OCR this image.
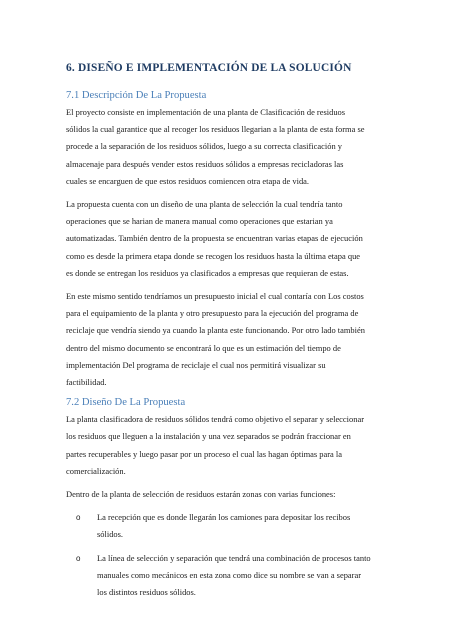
6. DISEÑO E IMPLEMENTACIÓN DE LA SOLUCIÓN
7.1 Descripción De La Propuesta
El proyecto consiste en implementación de una planta de Clasificación de residuos
sólidos la cual garantice que al recoger los residuos llegarian a la planta de esta forma se
procede a la separación de los residuos sólidos, luego a su correcta clasificación y
almacenaje para después vender estos residuos sólidos a empresas recicladoras las
cuales se encarguen de que estos residuos comiencen otra etapa de vida.
La propuesta cuenta con un diseño de una planta de selección la cual tendría tanto
operaciones que se harian de manera manual como operaciones que estarian ya
automatizadas. También dentro de la propuesta se encuentran varias etapas de ejecución
como es desde la primera etapa donde se recogen los residuos hasta la última etapa que
es donde se entregan los residuos ya clasificados a empresas que requieran de estas.
En este mismo sentido tendríamos un presupuesto inicial el cual contaría con Los costos
para el equipamiento de la planta y otro presupuesto para la ejecución del programa de
reciclaje que vendría siendo ya cuando la planta este funcionando. Por otro lado también
dentro del mismo documento se encontrará lo que es un estimación del tiempo de
implementación Del programa de reciclaje el cual nos permitirá visualizar su
factibilidad.
7.2 Diseño De La Propuesta
La planta clasificadora de residuos sólidos tendrá como objetivo el separar y seleccionar
los residuos que lleguen a la instalación y una vez separados se podrán fraccionar en
partes recuperables y luego pasar por un proceso el cual las hagan óptimas para la
comercialización.
Dentro de la planta de selección de residuos estarán zonas con varias funciones:
o La recepción que es donde llegarán los camiones para depositar los recibos
sólidos.
o La línea de selección y separación que tendrá una combinación de procesos tanto
manuales como mecánicos en esta zona como dice su nombre se van a separar
los distintos residuos sólidos.
